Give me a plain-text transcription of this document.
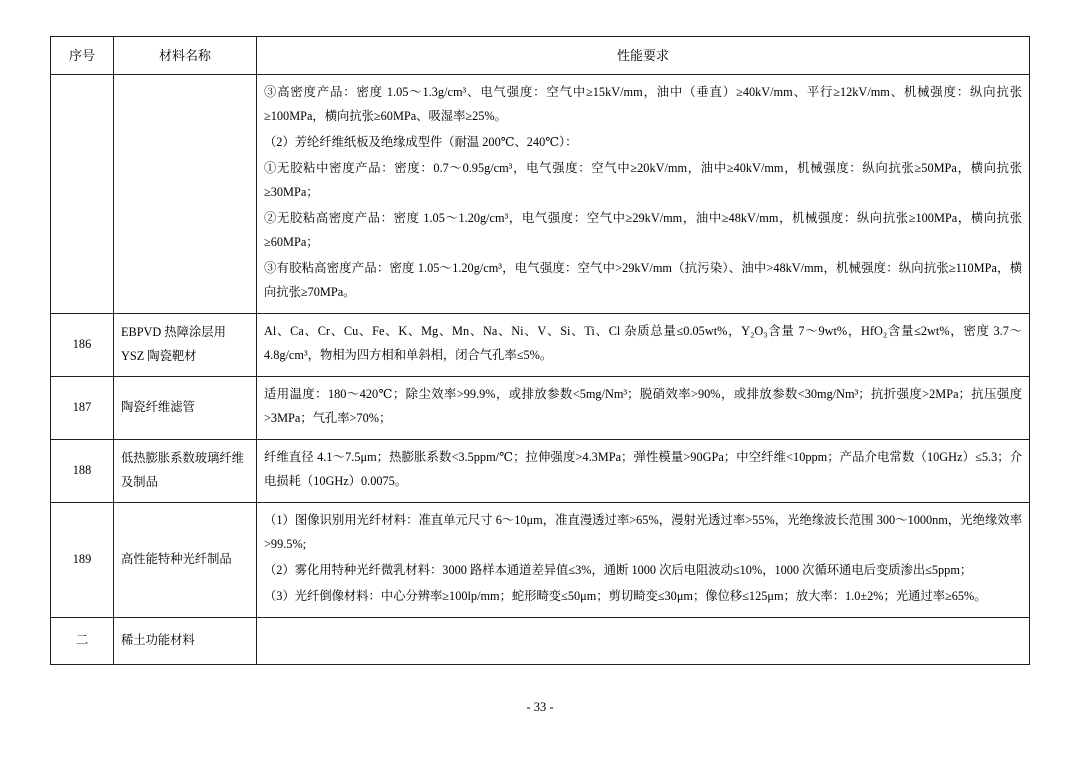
序号	材料名称	性能要求

		③高密度产品：密度 1.05～1.3g/cm³、电气强度：空气中≥15kV/mm，油中（垂直）≥40kV/mm、平行≥12kV/mm、机械强度：纵向抗张≥100MPa，横向抗张≥60MPa、吸湿率≥25%。

（2）芳纶纤维纸板及绝缘成型件（耐温 200℃、240℃）：

①无胶粘中密度产品：密度：0.7～0.95g/cm³，电气强度：空气中≥20kV/mm，油中≥40kV/mm，机械强度：纵向抗张≥50MPa，横向抗张≥30MPa；

②无胶粘高密度产品：密度 1.05～1.20g/cm³，电气强度：空气中≥29kV/mm，油中≥48kV/mm，机械强度：纵向抗张≥100MPa，横向抗张≥60MPa；

③有胶粘高密度产品：密度 1.05～1.20g/cm³，电气强度：空气中>29kV/mm（抗污染）、油中>48kV/mm，机械强度：纵向抗张≥110MPa，横向抗张≥70MPa。

186	EBPVD 热障涂层用 YSZ 陶瓷靶材	Al、Ca、Cr、Cu、Fe、K、Mg、Mn、Na、Ni、V、Si、Ti、Cl 杂质总量≤0.05wt%，Y₂O₃含量 7～9wt%，HfO₂含量≤2wt%，密度 3.7～4.8g/cm³，物相为四方相和单斜相，闭合气孔率≤5%。

187	陶瓷纤维滤管	适用温度：180～420℃；除尘效率>99.9%，或排放参数<5mg/Nm³；脱硝效率>90%，或排放参数<30mg/Nm³；抗折强度>2MPa；抗压强度>3MPa；气孔率>70%；

188	低热膨胀系数玻璃纤维及制品	纤维直径 4.1～7.5μm；热膨胀系数<3.5ppm/℃；拉伸强度>4.3MPa；弹性模量>90GPa；中空纤维<10ppm；产品介电常数（10GHz）≤5.3；介电损耗（10GHz）0.0075。

189	高性能特种光纤制品	（1）图像识别用光纤材料：准直单元尺寸 6～10μm，准直漫透过率>65%，漫射光透过率>55%，光绝缘波长范围 300～1000nm，光绝缘效率>99.5%;

（2）雾化用特种光纤微乳材料：3000 路样本通道差异值≤3%，通断 1000 次后电阻波动≤10%，1000 次循环通电后变质渗出≤5ppm；

（3）光纤倒像材料：中心分辨率≥100lp/mm；蛇形畸变≤50μm；剪切畸变≤30μm；像位移≤125μm；放大率：1.0±2%；光通过率≥65%。

二	稀土功能材料	
- 33 -
